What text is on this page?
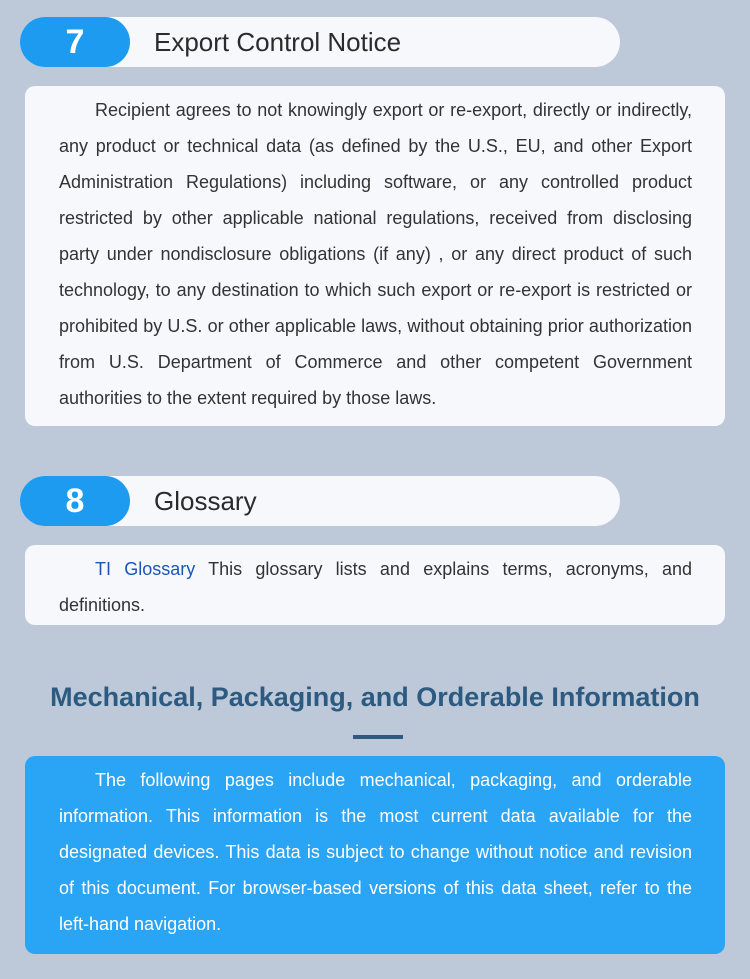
7	Export Control Notice

Recipient agrees to not knowingly export or re-export, directly or indirectly, any product or technical data (as defined by the U.S., EU, and other Export Administration Regulations) including software, or any controlled product restricted by other applicable national regulations, received from disclosing party under nondisclosure obligations (if any) , or any direct product of such technology, to any destination to which such export or re-export is restricted or prohibited by U.S. or other applicable laws, without obtaining prior authorization from U.S. Department of Commerce and other competent Government authorities to the extent required by those laws.

8	Glossary

TI Glossary This glossary lists and explains terms, acronyms, and definitions.

Mechanical, Packaging, and Orderable Information

The following pages include mechanical, packaging, and orderable information. This information is the most current data available for the designated devices. This data is subject to change without notice and revision of this document. For browser-based versions of this data sheet, refer to the left-hand navigation.
